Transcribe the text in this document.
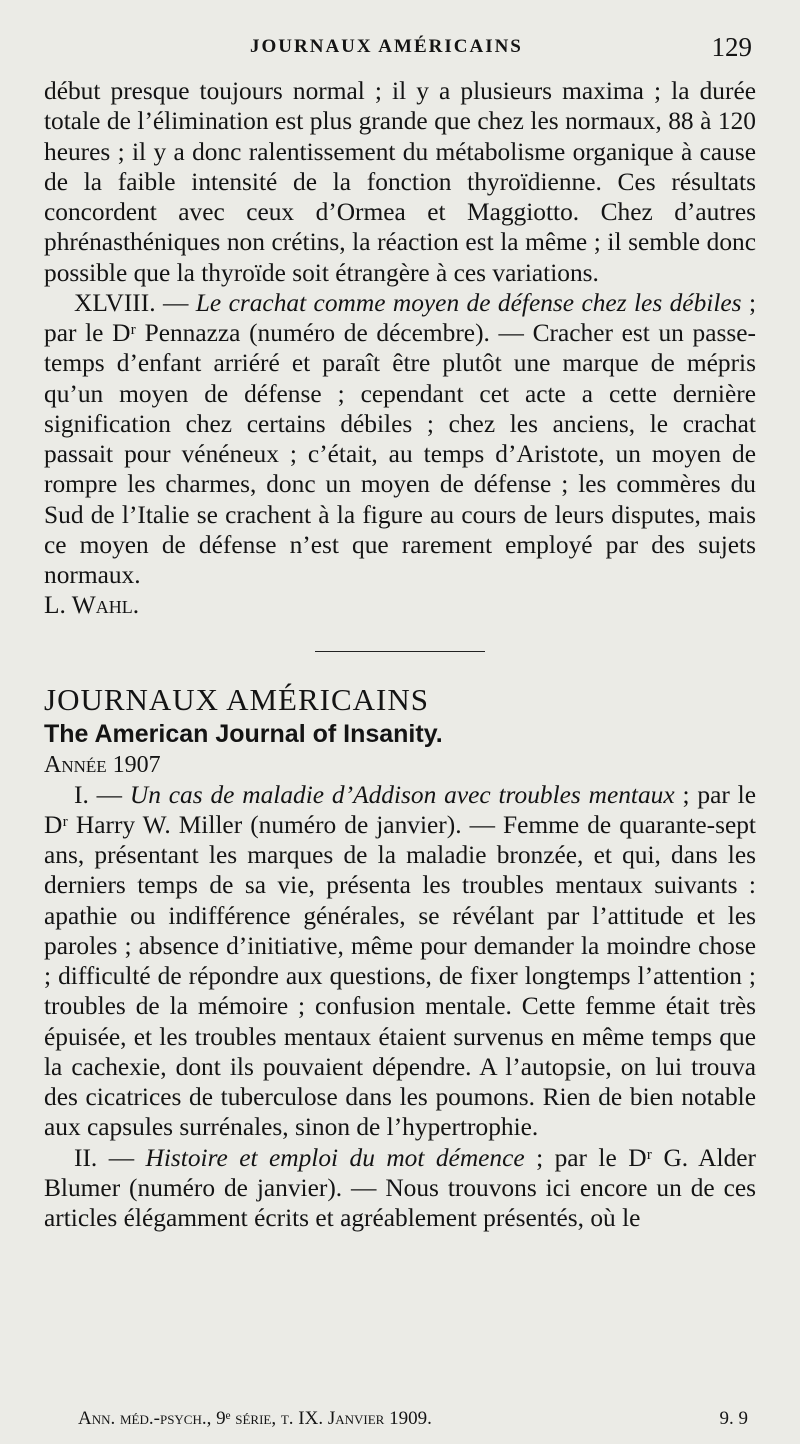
JOURNAUX AMÉRICAINS	129

début presque toujours normal ; il y a plusieurs maxima ; la durée totale de l’élimination est plus grande que chez les normaux, 88 à 120 heures ; il y a donc ralentissement du métabolisme organique à cause de la faible intensité de la fonction thyroïdienne. Ces résultats concordent avec ceux d’Ormea et Maggiotto. Chez d’autres phrénasthéniques non crétins, la réaction est la même ; il semble donc possible que la thyroïde soit étrangère à ces variations.

XLVIII. — Le crachat comme moyen de défense chez les débiles ; par le Dʳ Pennazza (numéro de décembre). — Cracher est un passe-temps d’enfant arriéré et paraît être plutôt une marque de mépris qu’un moyen de défense ; cependant cet acte a cette dernière signification chez certains débiles ; chez les anciens, le crachat passait pour vénéneux ; c’était, au temps d’Aristote, un moyen de rompre les charmes, donc un moyen de défense ; les commères du Sud de l’Italie se crachent à la figure au cours de leurs disputes, mais ce moyen de défense n’est que rarement employé par des sujets normaux.

L. Wahl.

JOURNAUX AMÉRICAINS

The American Journal of Insanity.

Année 1907

I. — Un cas de maladie d’Addison avec troubles mentaux ; par le Dʳ Harry W. Miller (numéro de janvier). — Femme de quarante-sept ans, présentant les marques de la maladie bronzée, et qui, dans les derniers temps de sa vie, présenta les troubles mentaux suivants : apathie ou indifférence générales, se révélant par l’attitude et les paroles ; absence d’initiative, même pour demander la moindre chose ; difficulté de répondre aux questions, de fixer longtemps l’attention ; troubles de la mémoire ; confusion mentale. Cette femme était très épuisée, et les troubles mentaux étaient survenus en même temps que la cachexie, dont ils pouvaient dépendre. A l’autopsie, on lui trouva des cicatrices de tuberculose dans les poumons. Rien de bien notable aux capsules surrénales, sinon de l’hypertrophie.

II. — Histoire et emploi du mot démence ; par le Dʳ G. Alder Blumer (numéro de janvier). — Nous trouvons ici encore un de ces articles élégamment écrits et agréablement présentés, où le

Ann. méd.-psych., 9ᵉ série, t. IX. Janvier 1909.	9. 9
